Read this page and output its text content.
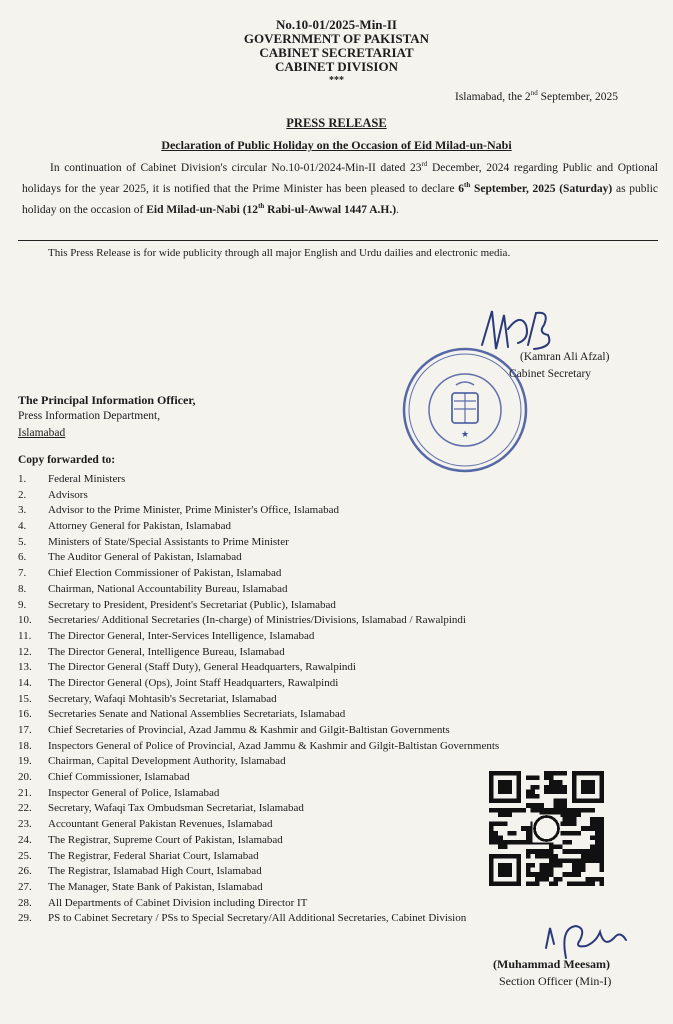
No.10-01/2025-Min-II
GOVERNMENT OF PAKISTAN
CABINET SECRETARIAT
CABINET DIVISION
***
Islamabad, the 2nd September, 2025
PRESS RELEASE
Declaration of Public Holiday on the Occasion of Eid Milad-un-Nabi
In continuation of Cabinet Division's circular No.10-01/2024-Min-II dated 23rd December, 2024 regarding Public and Optional holidays for the year 2025, it is notified that the Prime Minister has been pleased to declare 6th September, 2025 (Saturday) as public holiday on the occasion of Eid Milad-un-Nabi (12th Rabi-ul-Awwal 1447 A.H.).
This Press Release is for wide publicity through all major English and Urdu dailies and electronic media.
★
(Kamran Ali Afzal)
Cabinet Secretary
The Principal Information Officer,
Press Information Department,
Islamabad
Copy forwarded to:
1.	Federal Ministers
2.	Advisors
3.	Advisor to the Prime Minister, Prime Minister's Office, Islamabad
4.	Attorney General for Pakistan, Islamabad
5.	Ministers of State/Special Assistants to Prime Minister
6.	The Auditor General of Pakistan, Islamabad
7.	Chief Election Commissioner of Pakistan, Islamabad
8.	Chairman, National Accountability Bureau, Islamabad
9.	Secretary to President, President's Secretariat (Public), Islamabad
10.	Secretaries/ Additional Secretaries (In-charge) of Ministries/Divisions, Islamabad / Rawalpindi
11.	The Director General, Inter-Services Intelligence, Islamabad
12.	The Director General, Intelligence Bureau, Islamabad
13.	The Director General (Staff Duty), General Headquarters, Rawalpindi
14.	The Director General (Ops), Joint Staff Headquarters, Rawalpindi
15.	Secretary, Wafaqi Mohtasib's Secretariat, Islamabad
16.	Secretaries Senate and National Assemblies Secretariats, Islamabad
17.	Chief Secretaries of Provincial, Azad Jammu & Kashmir and Gilgit-Baltistan Governments
18.	Inspectors General of Police of Provincial, Azad Jammu & Kashmir and Gilgit-Baltistan Governments
19.	Chairman, Capital Development Authority, Islamabad
20.	Chief Commissioner, Islamabad
21.	Inspector General of Police, Islamabad
22.	Secretary, Wafaqi Tax Ombudsman Secretariat, Islamabad
23.	Accountant General Pakistan Revenues, Islamabad
24.	The Registrar, Supreme Court of Pakistan, Islamabad
25.	The Registrar, Federal Shariat Court, Islamabad
26.	The Registrar, Islamabad High Court, Islamabad
27.	The Manager, State Bank of Pakistan, Islamabad
28.	All Departments of Cabinet Division including Director IT
29.	PS to Cabinet Secretary / PSs to Special Secretary/All Additional Secretaries, Cabinet Division
(Muhammad Meesam)
Section Officer (Min-I)
